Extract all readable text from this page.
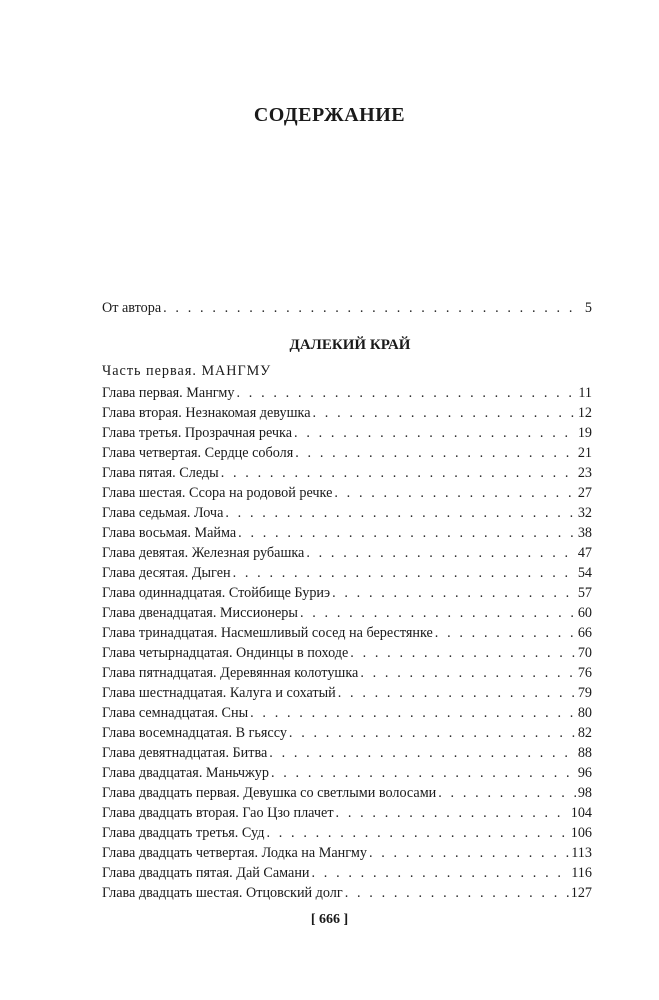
СОДЕРЖАНИЕ
От автора . . .	5
ДАЛЕКИЙ КРАЙ
Часть первая. МАНГМУ
Глава первая. Мангму . . .	11
Глава вторая. Незнакомая девушка . . .	12
Глава третья. Прозрачная речка . . .	19
Глава четвертая. Сердце соболя . . .	21
Глава пятая. Следы . . .	23
Глава шестая. Ссора на родовой речке . . .	27
Глава седьмая. Лоча . . .	32
Глава восьмая. Майма . . .	38
Глава девятая. Железная рубашка . . .	47
Глава десятая. Дыген . . .	54
Глава одиннадцатая. Стойбище Буриэ . . .	57
Глава двенадцатая. Миссионеры . . .	60
Глава тринадцатая. Насмешливый сосед на берестянке . . .	66
Глава четырнадцатая. Ондинцы в походе . . .	70
Глава пятнадцатая. Деревянная колотушка . . .	76
Глава шестнадцатая. Калуга и сохатый . . .	79
Глава семнадцатая. Сны . . .	80
Глава восемнадцатая. В гьяссу . . .	82
Глава девятнадцатая. Битва . . .	88
Глава двадцатая. Маньчжур . . .	96
Глава двадцать первая. Девушка со светлыми волосами . . .	98
Глава двадцать вторая. Гао Цзо плачет . . .	104
Глава двадцать третья. Суд . . .	106
Глава двадцать четвертая. Лодка на Мангму . . .	113
Глава двадцать пятая. Дай Самани . . .	116
Глава двадцать шестая. Отцовский долг . . .	127
[ 666 ]
